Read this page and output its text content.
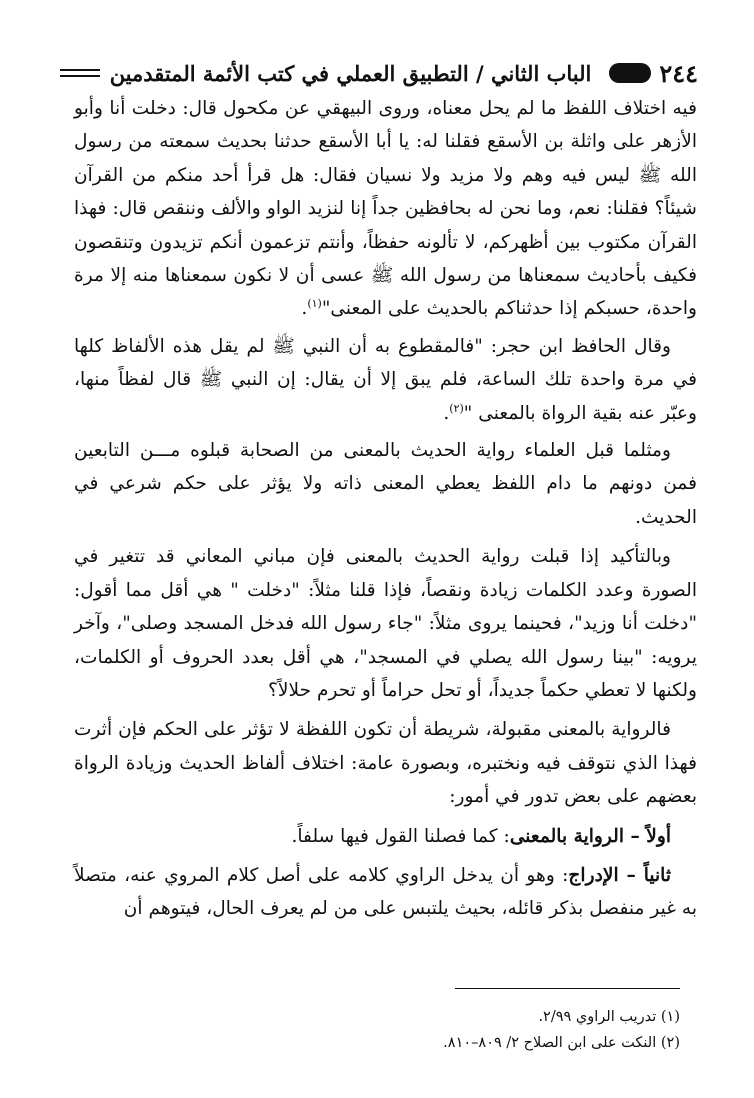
٢٤٤
الباب الثاني / التطبيق العملي في كتب الأئمة المتقدمين

فيه اختلاف اللفظ ما لم يحل معناه، وروى البيهقي عن مكحول قال: دخلت أنا وأبو الأزهر على واثلة بن الأسقع فقلنا له: يا أبا الأسقع حدثنا بحديث سمعته من رسول الله ﷺ ليس فيه وهم ولا مزيد ولا نسيان فقال: هل قرأ أحد منكم من القرآن شيئاً؟ فقلنا: نعم، وما نحن له بحافظين جداً إنا لنزيد الواو والألف وننقص قال: فهذا القرآن مكتوب بين أظهركم، لا تألونه حفظاً، وأنتم تزعمون أنكم تزيدون وتنقصون فكيف بأحاديث سمعناها من رسول الله ﷺ عسى أن لا نكون سمعناها منه إلا مرة واحدة، حسبكم إذا حدثناكم بالحديث على المعنى"$^{(١)}$.

وقال الحافظ ابن حجر: "فالمقطوع به أن النبي ﷺ لم يقل هذه الألفاظ كلها في مرة واحدة تلك الساعة، فلم يبق إلا أن يقال: إن النبي ﷺ قال لفظاً منها، وعبّر عنه بقية الرواة بالمعنى "$^{(٢)}$.

ومثلما قبل العلماء رواية الحديث بالمعنى من الصحابة قبلوه مـــن التابعين فمن دونهم ما دام اللفظ يعطي المعنى ذاته ولا يؤثر على حكم شرعي في الحديث.

وبالتأكيد إذا قبلت رواية الحديث بالمعنى فإن مباني المعاني قد تتغير في الصورة وعدد الكلمات زيادة ونقصاً، فإذا قلنا مثلاً: "دخلت " هي أقل مما أقول: "دخلت أنا وزيد"، فحينما يروى مثلاً: "جاء رسول الله فدخل المسجد وصلى"، وآخر يرويه: "بينا رسول الله يصلي في المسجد"، هي أقل بعدد الحروف أو الكلمات، ولكنها لا تعطي حكماً جديداً، أو تحل حراماً أو تحرم حلالاً؟

فالرواية بالمعنى مقبولة، شريطة أن تكون اللفظة لا تؤثر على الحكم فإن أثرت فهذا الذي نتوقف فيه ونختبره، وبصورة عامة: اختلاف ألفاظ الحديث وزيادة الرواة بعضهم على بعض تدور في أمور:

أولاً – الرواية بالمعنى: كما فصلنا القول فيها سلفاً.

ثانياً – الإدراج: وهو أن يدخل الراوي كلامه على أصل كلام المروي عنه، متصلاً به غير منفصل بذكر قائله، بحيث يلتبس على من لم يعرف الحال، فيتوهم أن

(١) تدريب الراوي ٢/٩٩.
(٢) النكت على ابن الصلاح ٢/ ٨٠٩–٨١٠.
